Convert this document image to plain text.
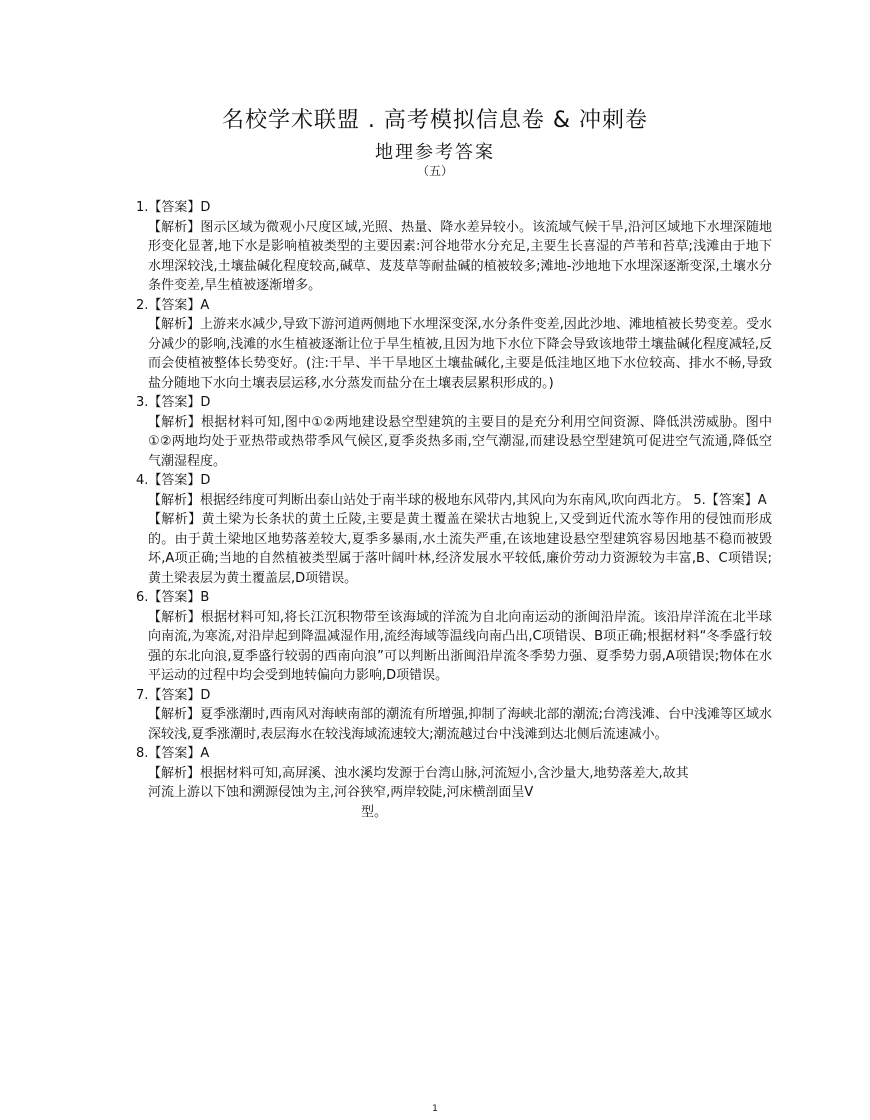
名校学术联盟 . 高考模拟信息卷 & 冲刺卷
地理参考答案
（五）

1.【答案】D

【解析】图示区域为微观小尺度区域,光照、热量、降水差异较小。该流域气候干旱,沿河区域地下水埋深随地形变化显著,地下水是影响植被类型的主要因素:河谷地带水分充足,主要生长喜湿的芦苇和苔草;浅滩由于地下水埋深较浅,土壤盐碱化程度较高,碱草、芨芨草等耐盐碱的植被较多;滩地-沙地地下水埋深逐渐变深,土壤水分条件变差,旱生植被逐渐增多。

2.【答案】A

【解析】上游来水减少,导致下游河道两侧地下水埋深变深,水分条件变差,因此沙地、滩地植被长势变差。受水分减少的影响,浅滩的水生植被逐渐让位于旱生植被,且因为地下水位下降会导致该地带土壤盐碱化程度减轻,反而会使植被整体长势变好。(注:干旱、半干旱地区土壤盐碱化,主要是低洼地区地下水位较高、排水不畅,导致盐分随地下水向土壤表层运移,水分蒸发而盐分在土壤表层累积形成的。)

3.【答案】D

【解析】根据材料可知,图中①②两地建设悬空型建筑的主要目的是充分利用空间资源、降低洪涝威胁。图中①②两地均处于亚热带或热带季风气候区,夏季炎热多雨,空气潮湿,而建设悬空型建筑可促进空气流通,降低空气潮湿程度。

4.【答案】D

【解析】根据经纬度可判断出泰山站处于南半球的极地东风带内,其风向为东南风,吹向西北方。 5.【答案】A

【解析】黄土梁为长条状的黄土丘陵,主要是黄土覆盖在梁状古地貌上,又受到近代流水等作用的侵蚀而形成的。由于黄土梁地区地势落差较大,夏季多暴雨,水土流失严重,在该地建设悬空型建筑容易因地基不稳而被毁坏,A项正确;当地的自然植被类型属于落叶阔叶林,经济发展水平较低,廉价劳动力资源较为丰富,B、C项错误;黄土梁表层为黄土覆盖层,D项错误。

6.【答案】B

【解析】根据材料可知,将长江沉积物带至该海域的洋流为自北向南运动的浙闽沿岸流。该沿岸洋流在北半球向南流,为寒流,对沿岸起到降温减湿作用,流经海域等温线向南凸出,C项错误、B项正确;根据材料“冬季盛行较强的东北向浪,夏季盛行较弱的西南向浪”可以判断出浙闽沿岸流冬季势力强、夏季势力弱,A项错误;物体在水平运动的过程中均会受到地转偏向力影响,D项错误。

7.【答案】D

【解析】夏季涨潮时,西南风对海峡南部的潮流有所增强,抑制了海峡北部的潮流;台湾浅滩、台中浅滩等区域水深较浅,夏季涨潮时,表层海水在较浅海域流速较大;潮流越过台中浅滩到达北侧后流速减小。

8.【答案】A

【解析】根据材料可知,高屏溪、浊水溪均发源于台湾山脉,河流短小,含沙量大,地势落差大,故其

河流上游以下蚀和溯源侵蚀为主,河谷狭窄,两岸较陡,河床横剖面呈V

型。

1
